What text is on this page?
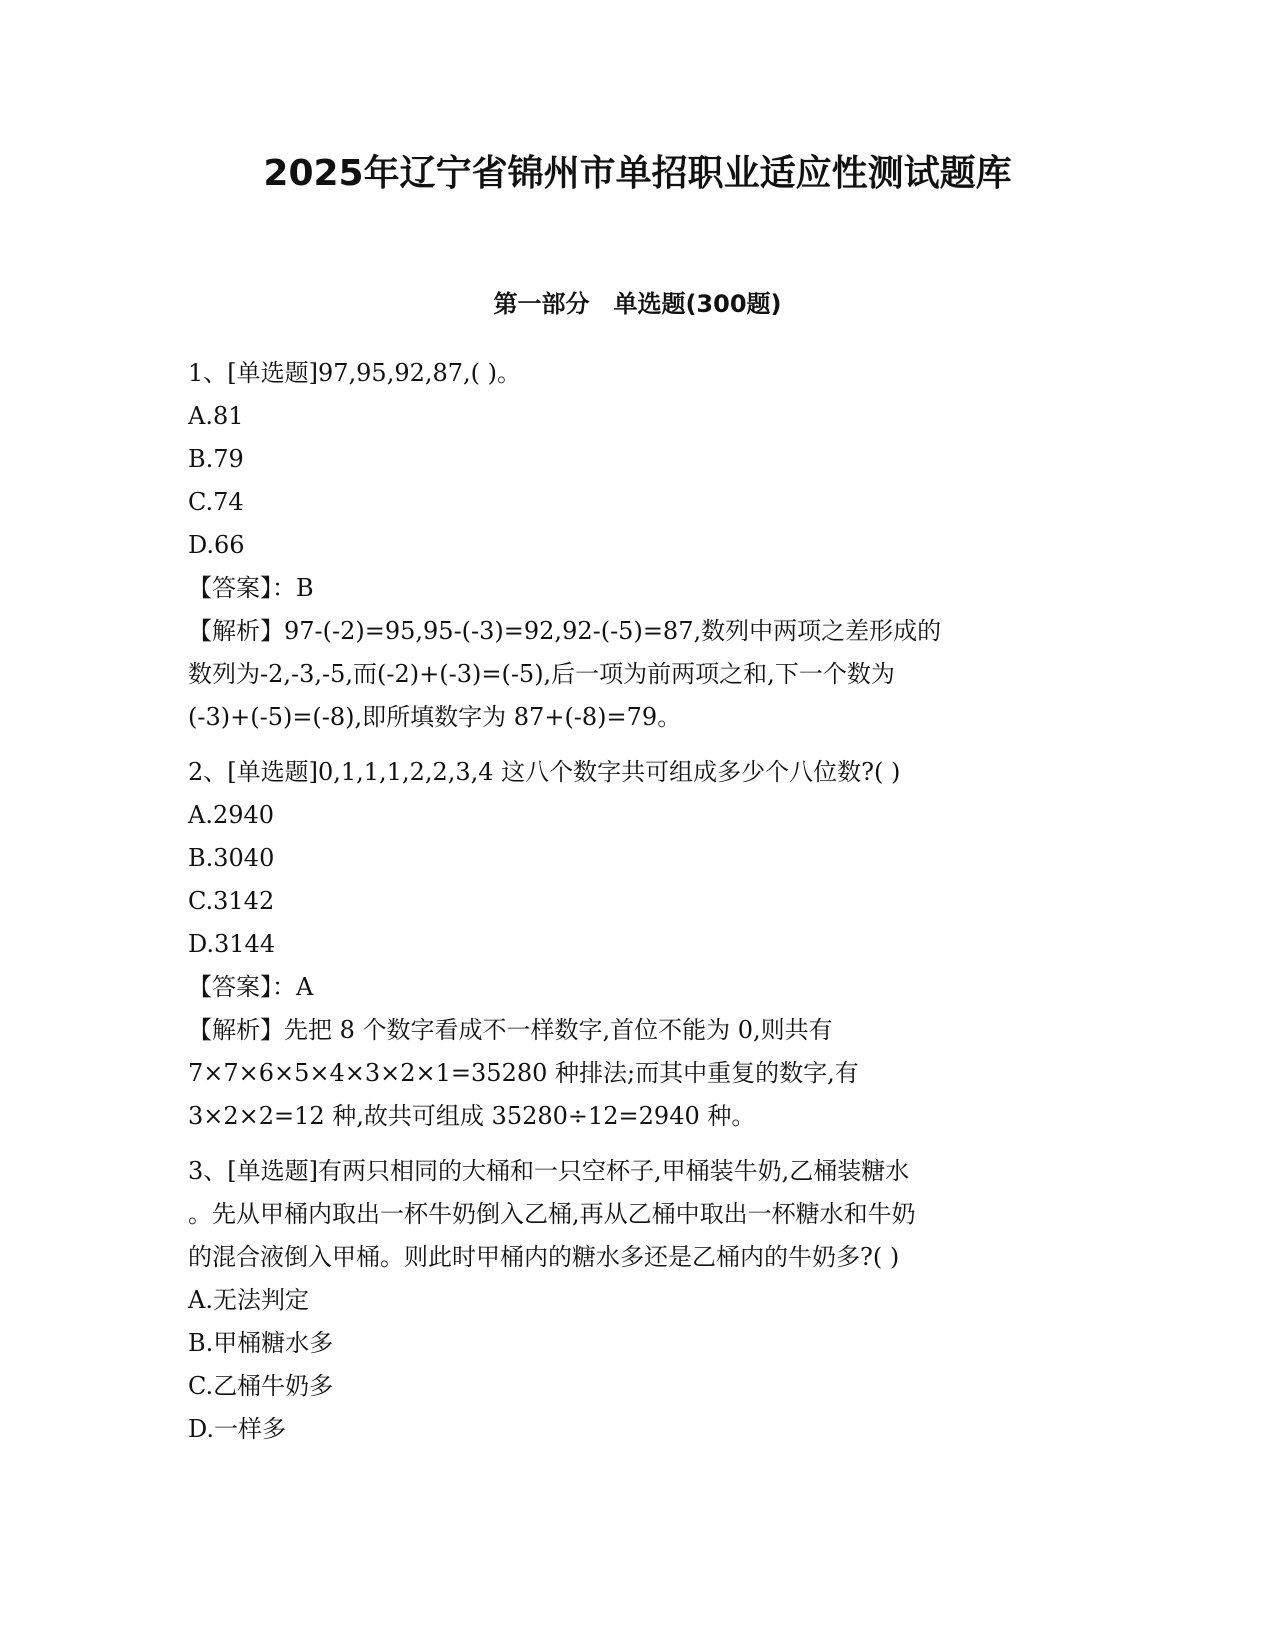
2025年辽宁省锦州市单招职业适应性测试题库
第一部分　单选题(300题)
1、[单选题]97,95,92,87,( )。
A.81
B.79
C.74
D.66
【答案】：B
【解析】97-(-2)=95,95-(-3)=92,92-(-5)=87,数列中两项之差形成的
数列为-2,-3,-5,而(-2)+(-3)=(-5),后一项为前两项之和,下一个数为
(-3)+(-5)=(-8),即所填数字为 87+(-8)=79。
2、[单选题]0,1,1,1,2,2,3,4 这八个数字共可组成多少个八位数?( )
A.2940
B.3040
C.3142
D.3144
【答案】：A
【解析】先把 8 个数字看成不一样数字,首位不能为 0,则共有
7×7×6×5×4×3×2×1=35280 种排法;而其中重复的数字,有
3×2×2=12 种,故共可组成 35280÷12=2940 种。
3、[单选题]有两只相同的大桶和一只空杯子,甲桶装牛奶,乙桶装糖水
。先从甲桶内取出一杯牛奶倒入乙桶,再从乙桶中取出一杯糖水和牛奶
的混合液倒入甲桶。则此时甲桶内的糖水多还是乙桶内的牛奶多?( )
A.无法判定
B.甲桶糖水多
C.乙桶牛奶多
D.一样多
